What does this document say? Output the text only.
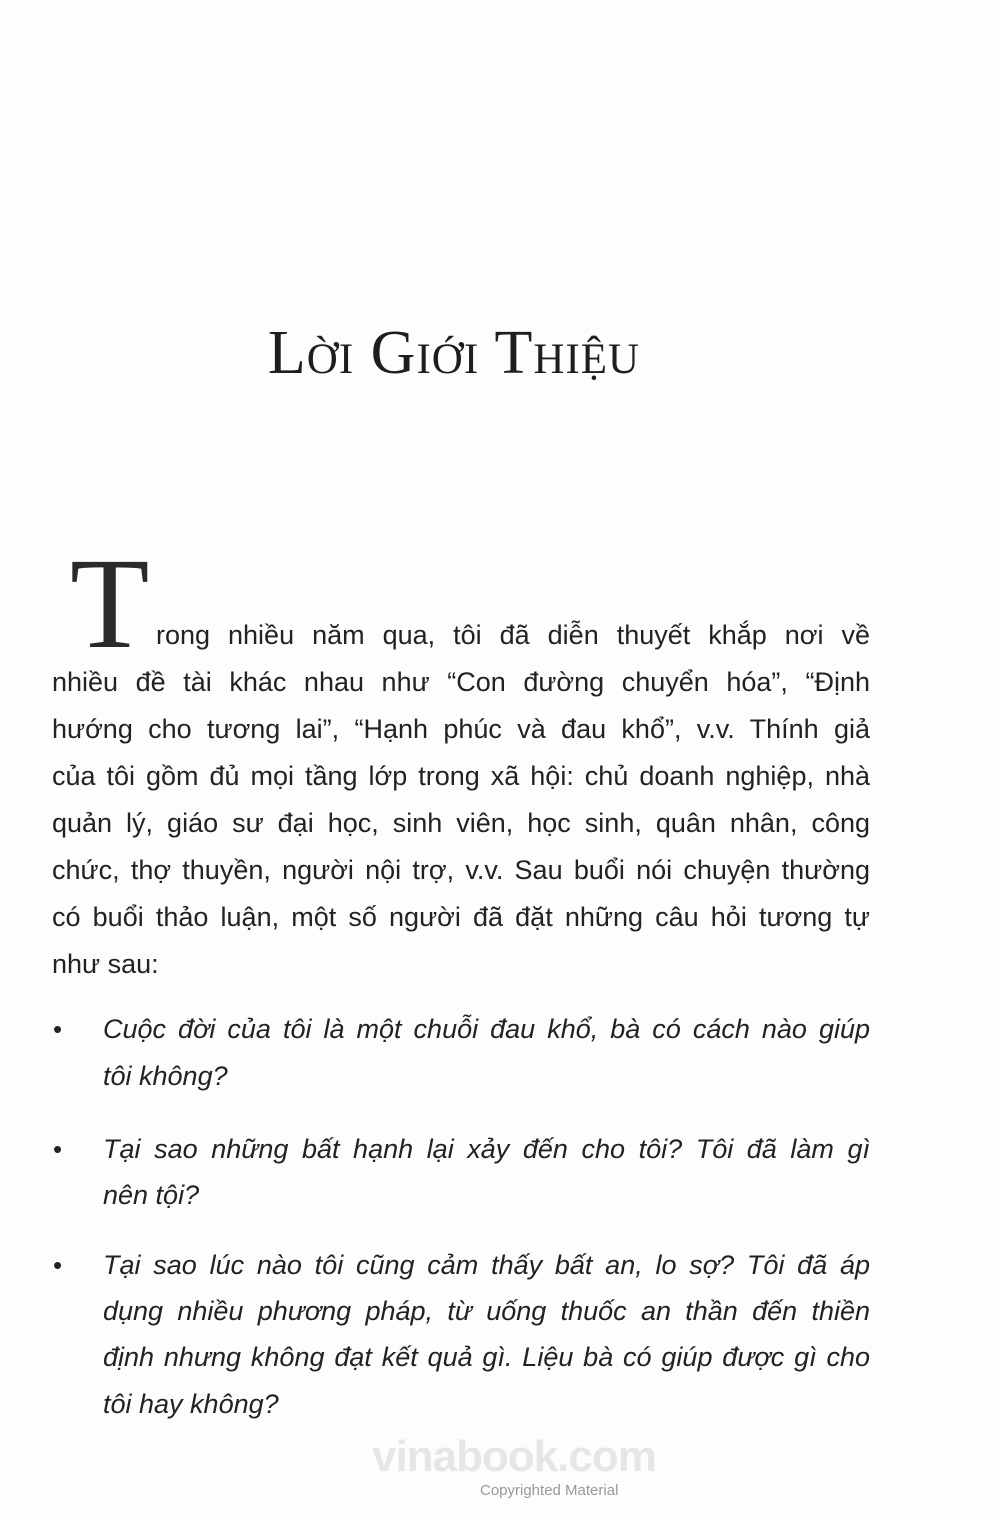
Lời Giới Thiệu
T rong nhiều năm qua, tôi đã diễn thuyết khắp nơi về
nhiều đề tài khác nhau như “Con đường chuyển hóa”, “Định
hướng cho tương lai”, “Hạnh phúc và đau khổ”, v.v. Thính giả
của tôi gồm đủ mọi tầng lớp trong xã hội: chủ doanh nghiệp, nhà
quản lý, giáo sư đại học, sinh viên, học sinh, quân nhân, công
chức, thợ thuyền, người nội trợ, v.v. Sau buổi nói chuyện thường
có buổi thảo luận, một số người đã đặt những câu hỏi tương tự
như sau:
• Cuộc đời của tôi là một chuỗi đau khổ, bà có cách nào giúp
tôi không?
• Tại sao những bất hạnh lại xảy đến cho tôi? Tôi đã làm gì
nên tội?
• Tại sao lúc nào tôi cũng cảm thấy bất an, lo sợ? Tôi đã áp
dụng nhiều phương pháp, từ uống thuốc an thần đến thiền
định nhưng không đạt kết quả gì. Liệu bà có giúp được gì cho
tôi hay không?
vinabook.com
Copyrighted Material
